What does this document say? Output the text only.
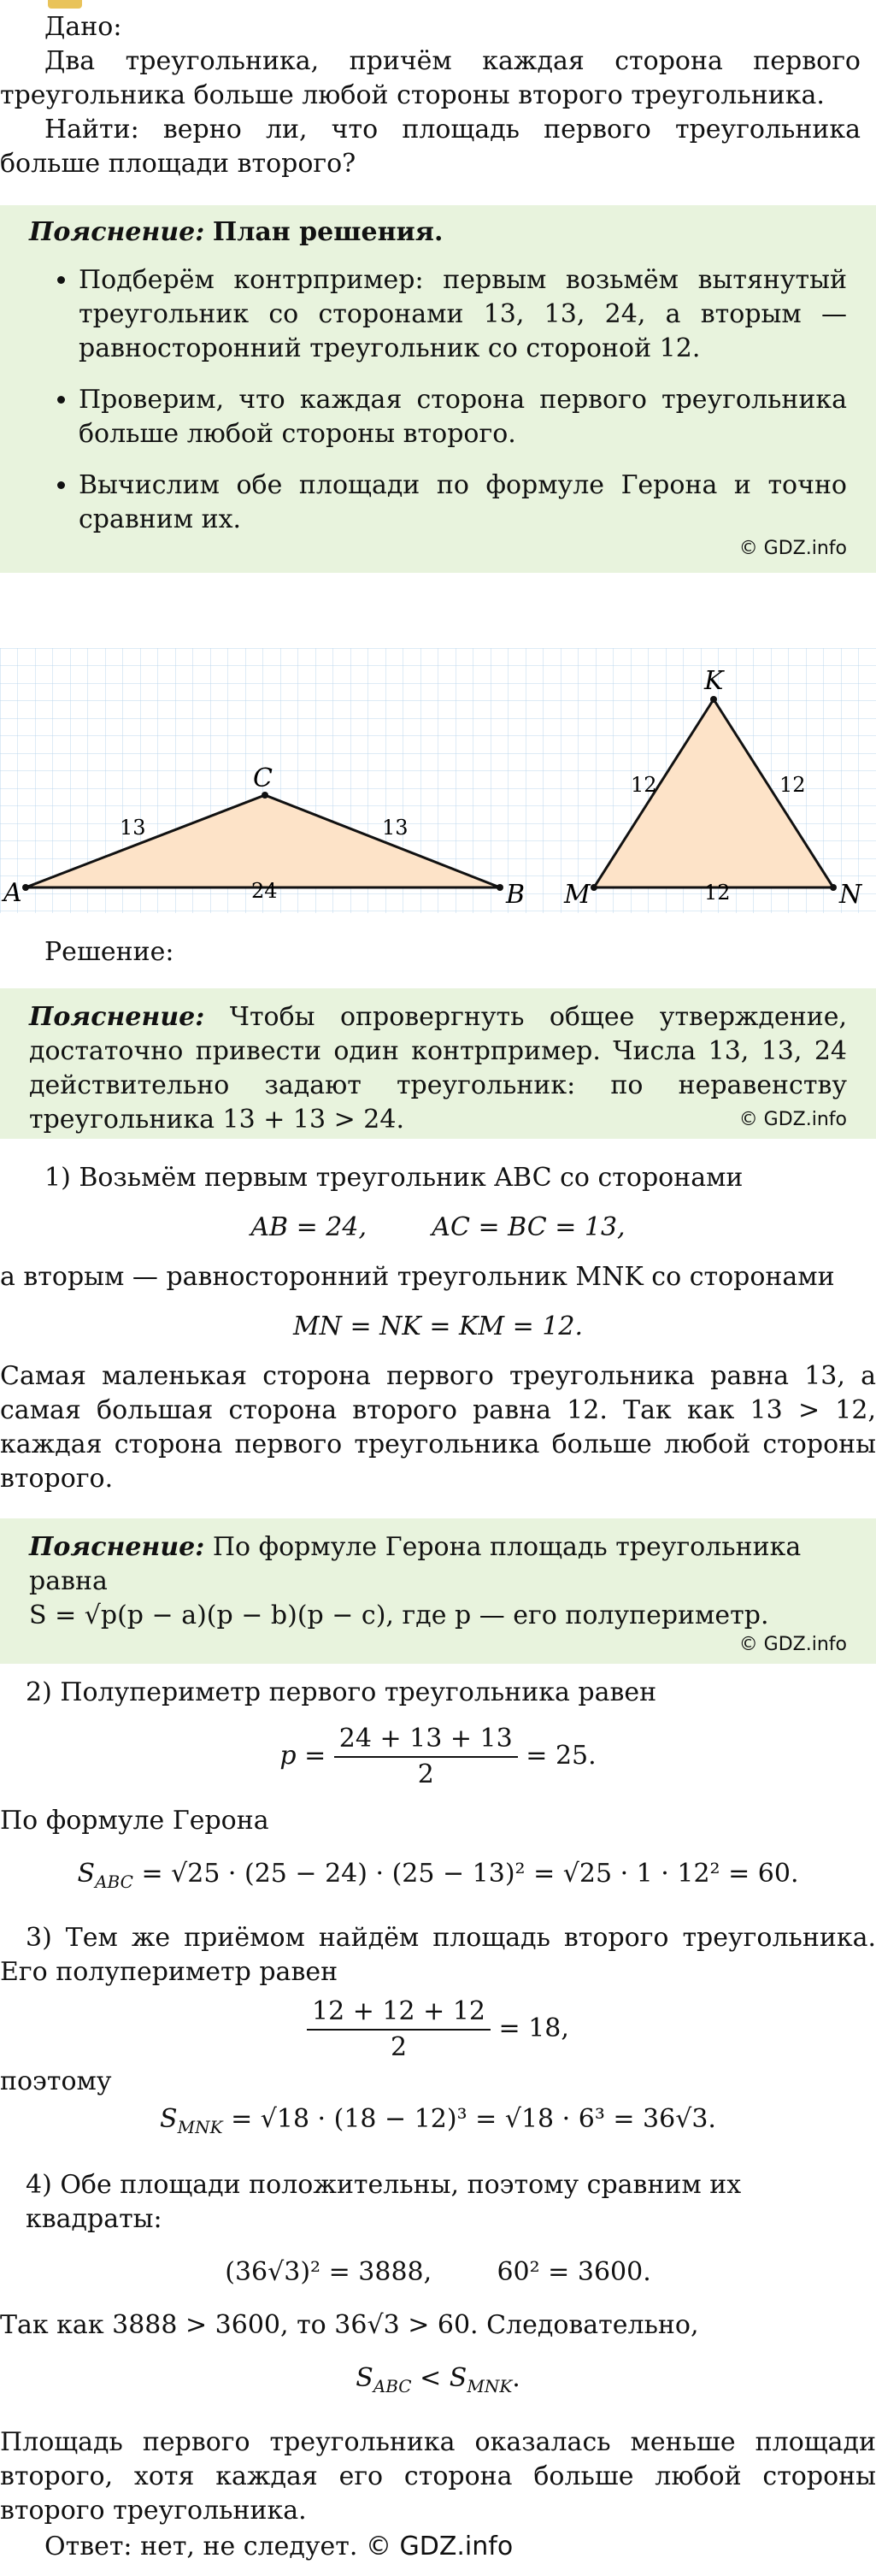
Дано:

Два треугольника, причём каждая сторона первого треугольника больше любой стороны второго треугольника.

Найти: верно ли, что площадь первого треугольника больше площади второго?

Пояснение: План решения.
• Подберём контрпример: первым возьмём вытянутый треугольник со сторонами 13, 13, 24, а вторым — равносторонний треугольник со стороной 12.
• Проверим, что каждая сторона первого треугольника больше любой стороны второго.
• Вычислим обе площади по формуле Герона и точно сравним их.
© GDZ.info
A
C
B
13	13
24	M
K
N
12	12
12

Решение:

Пояснение: Чтобы опровергнуть общее утверждение, достаточно привести один контрпример. Числа 13, 13, 24 действительно задают треугольник: по неравенству треугольника 13 + 13 > 24.	© GDZ.info

1) Возьмём первым треугольник ABC со сторонами

AB = 24,        AC = BC = 13,

а вторым — равносторонний треугольник MNK со сторонами

MN = NK = KM = 12.

Самая маленькая сторона первого треугольника равна 13, а самая большая сторона второго равна 12. Так как 13 > 12, каждая сторона первого треугольника больше любой стороны второго.

Пояснение: По формуле Герона площадь треугольника равна

S = √p(p − a)(p − b)(p − c), где p — его полупериметр.

© GDZ.info

2) Полупериметр первого треугольника равен

$p = \frac{24 + 13 + 13}{2} = 25$.

По формуле Герона

$S_{ABC} = √25 \cdot (25 - 24) \cdot (25 - 13)^2 = √25 \cdot 1 \cdot 12^2 = 60$.

3) Тем же приёмом найдём площадь второго треугольника. Его полупериметр равен

$\frac{12 + 12 + 12}{2} = 18$,

поэтому

$S_{MNK} = √18 \cdot (18 - 12)^3 = √18 \cdot 6^3 = 36√3$.

4) Обе площади положительны, поэтому сравним их квадраты:

(36√3)² = 3888,        60² = 3600.

Так как 3888 > 3600, то 36√3 > 60. Следовательно,

$S_{ABC} < S_{MNK}$.

Площадь первого треугольника оказалась меньше площади второго, хотя каждая его сторона больше любой стороны второго треугольника.

Ответ: нет, не следует. © GDZ.info
